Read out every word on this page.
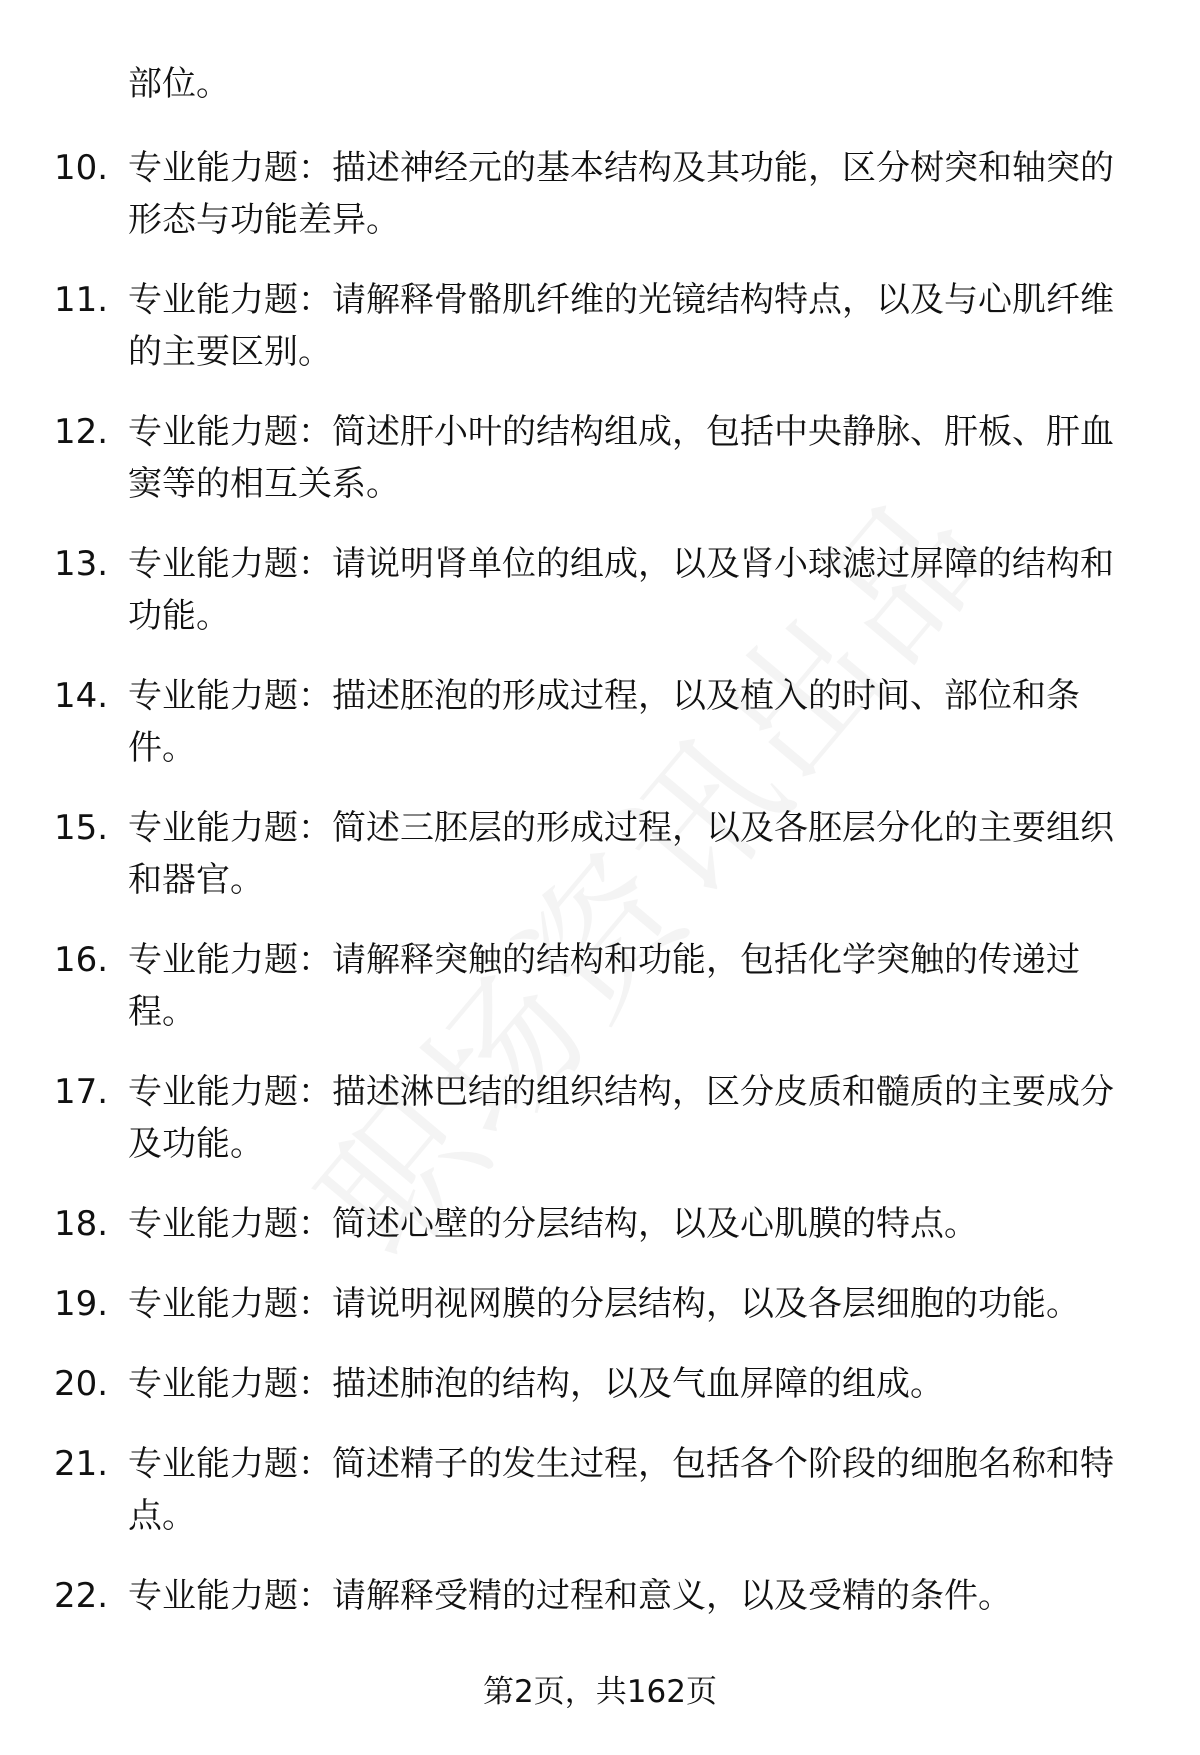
部位。
10. 专业能力题：描述神经元的基本结构及其功能，区分树突和轴突的形态与功能差异。
11. 专业能力题：请解释骨骼肌纤维的光镜结构特点，以及与心肌纤维的主要区别。
12. 专业能力题：简述肝小叶的结构组成，包括中央静脉、肝板、肝血窦等的相互关系。
13. 专业能力题：请说明肾单位的组成，以及肾小球滤过屏障的结构和功能。
14. 专业能力题：描述胚泡的形成过程，以及植入的时间、部位和条件。
15. 专业能力题：简述三胚层的形成过程，以及各胚层分化的主要组织和器官。
16. 专业能力题：请解释突触的结构和功能，包括化学突触的传递过程。
17. 专业能力题：描述淋巴结的组织结构，区分皮质和髓质的主要成分及功能。
18. 专业能力题：简述心壁的分层结构，以及心肌膜的特点。
19. 专业能力题：请说明视网膜的分层结构，以及各层细胞的功能。
20. 专业能力题：描述肺泡的结构，以及气血屏障的组成。
21. 专业能力题：简述精子的发生过程，包括各个阶段的细胞名称和特点。
22. 专业能力题：请解释受精的过程和意义，以及受精的条件。
第2页，共162页
